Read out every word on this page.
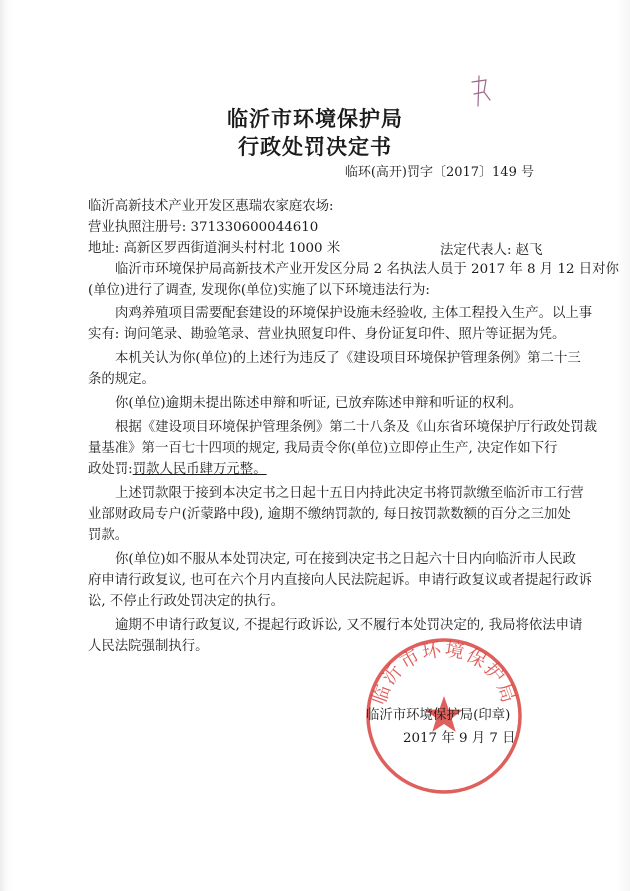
临沂市环境保护局
行政处罚决定书
临环(高开)罚字〔2017〕149 号
临沂高新技术产业开发区惠瑞农家庭农场:
营业执照注册号: 371330600044610
地址: 高新区罗西街道涧头村村北 1000 米	法定代表人: 赵飞
临沂市环境保护局高新技术产业开发区分局 2 名执法人员于 2017 年 8 月 12 日对你
(单位)进行了调查, 发现你(单位)实施了以下环境违法行为:
肉鸡养殖项目需要配套建设的环境保护设施未经验收, 主体工程投入生产。以上事
实有: 询问笔录、勘验笔录、营业执照复印件、身份证复印件、照片等证据为凭。
本机关认为你(单位)的上述行为违反了《建设项目环境保护管理条例》第二十三
条的规定。
你(单位)逾期未提出陈述申辩和听证, 已放弃陈述申辩和听证的权利。
根据《建设项目环境保护管理条例》第二十八条及《山东省环境保护厅行政处罚裁
量基准》第一百七十四项的规定, 我局责令你(单位)立即停止生产, 决定作如下行
政处罚:罚款人民币肆万元整。
上述罚款限于接到本决定书之日起十五日内持此决定书将罚款缴至临沂市工行营
业部财政局专户(沂蒙路中段), 逾期不缴纳罚款的, 每日按罚款数额的百分之三加处
罚款。
你(单位)如不服从本处罚决定, 可在接到决定书之日起六十日内向临沂市人民政
府申请行政复议, 也可在六个月内直接向人民法院起诉。申请行政复议或者提起行政诉
讼, 不停止行政处罚决定的执行。
逾期不申请行政复议, 不提起行政诉讼, 又不履行本处罚决定的, 我局将依法申请
人民法院强制执行。
临沂市环境保护局
临沂市环境保护局(印章)
2017 年 9 月 7 日
